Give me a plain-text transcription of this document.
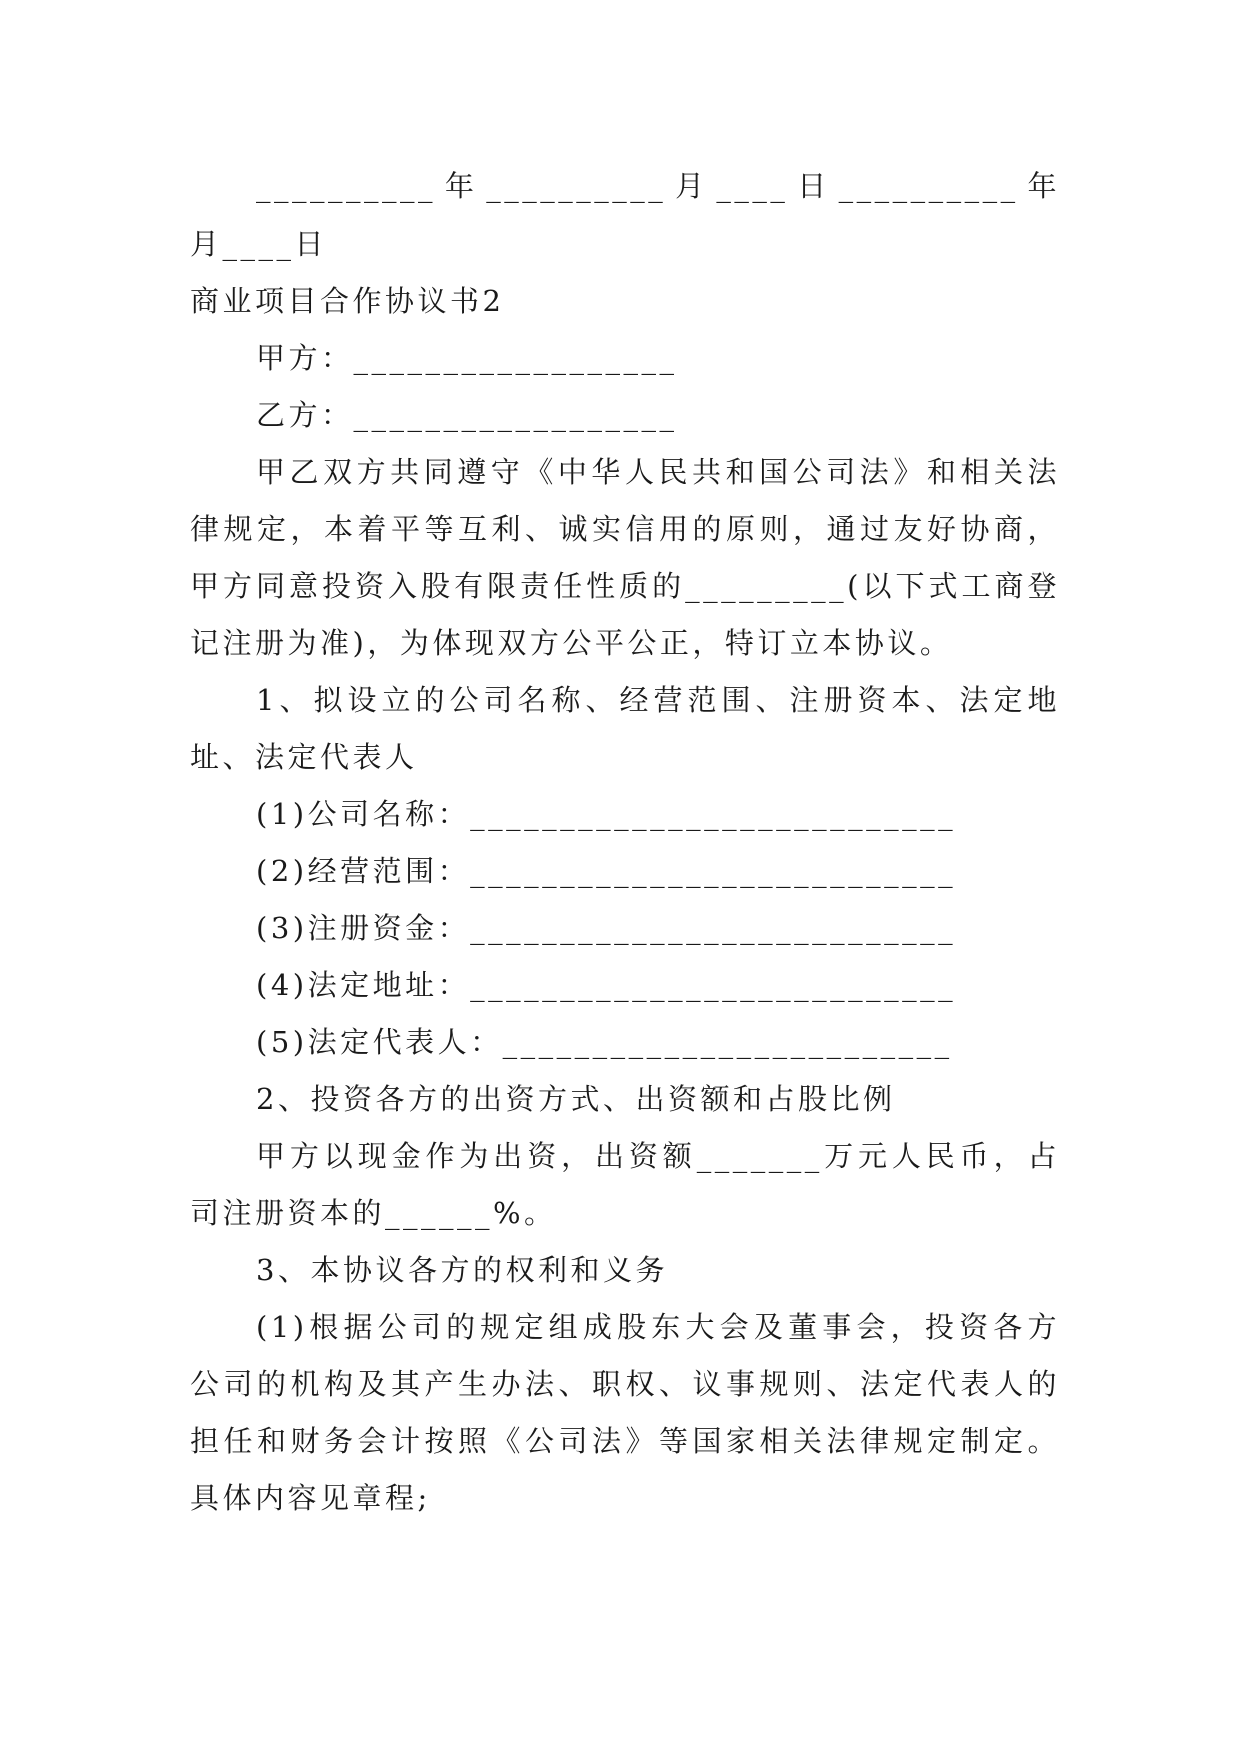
__________年__________月____日__________年
月____日
商业项目合作协议书2
甲方：__________________
乙方：__________________
甲乙双方共同遵守《中华人民共和国公司法》和相关法
律规定，本着平等互利、诚实信用的原则，通过友好协商，
甲方同意投资入股有限责任性质的_________(以下式工商登
记注册为准)，为体现双方公平公正，特订立本协议。
1、拟设立的公司名称、经营范围、注册资本、法定地
址、法定代表人
(1)公司名称：___________________________
(2)经营范围：___________________________
(3)注册资金：___________________________
(4)法定地址：___________________________
(5)法定代表人：_________________________
2、投资各方的出资方式、出资额和占股比例
甲方以现金作为出资，出资额_______万元人民币，占
司注册资本的______%。
3、本协议各方的权利和义务
(1)根据公司的规定组成股东大会及董事会，投资各方
公司的机构及其产生办法、职权、议事规则、法定代表人的
担任和财务会计按照《公司法》等国家相关法律规定制定。
具体内容见章程;
